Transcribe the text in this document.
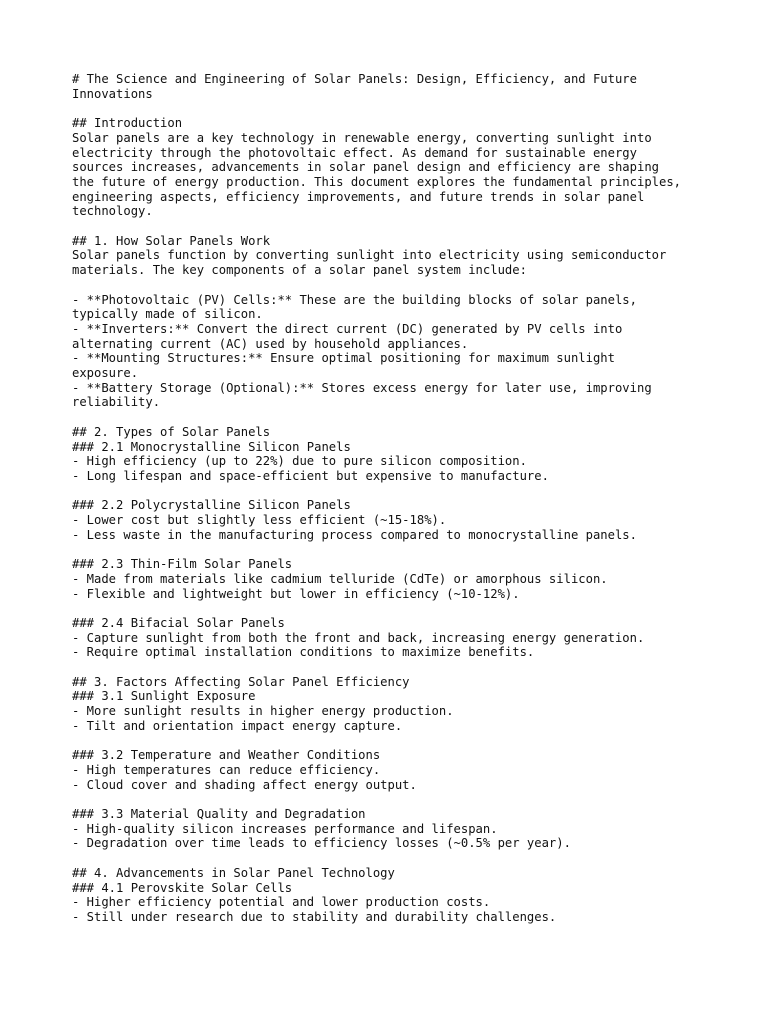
# The Science and Engineering of Solar Panels: Design, Efficiency, and Future
Innovations
## Introduction
Solar panels are a key technology in renewable energy, converting sunlight into
electricity through the photovoltaic effect. As demand for sustainable energy
sources increases, advancements in solar panel design and efficiency are shaping
the future of energy production. This document explores the fundamental principles,
engineering aspects, efficiency improvements, and future trends in solar panel
technology.
## 1. How Solar Panels Work
Solar panels function by converting sunlight into electricity using semiconductor
materials. The key components of a solar panel system include:
- **Photovoltaic (PV) Cells:** These are the building blocks of solar panels,
typically made of silicon.
- **Inverters:** Convert the direct current (DC) generated by PV cells into
alternating current (AC) used by household appliances.
- **Mounting Structures:** Ensure optimal positioning for maximum sunlight
exposure.
- **Battery Storage (Optional):** Stores excess energy for later use, improving
reliability.
## 2. Types of Solar Panels
### 2.1 Monocrystalline Silicon Panels
- High efficiency (up to 22%) due to pure silicon composition.
- Long lifespan and space-efficient but expensive to manufacture.
### 2.2 Polycrystalline Silicon Panels
- Lower cost but slightly less efficient (~15-18%).
- Less waste in the manufacturing process compared to monocrystalline panels.
### 2.3 Thin-Film Solar Panels
- Made from materials like cadmium telluride (CdTe) or amorphous silicon.
- Flexible and lightweight but lower in efficiency (~10-12%).
### 2.4 Bifacial Solar Panels
- Capture sunlight from both the front and back, increasing energy generation.
- Require optimal installation conditions to maximize benefits.
## 3. Factors Affecting Solar Panel Efficiency
### 3.1 Sunlight Exposure
- More sunlight results in higher energy production.
- Tilt and orientation impact energy capture.
### 3.2 Temperature and Weather Conditions
- High temperatures can reduce efficiency.
- Cloud cover and shading affect energy output.
### 3.3 Material Quality and Degradation
- High-quality silicon increases performance and lifespan.
- Degradation over time leads to efficiency losses (~0.5% per year).
## 4. Advancements in Solar Panel Technology
### 4.1 Perovskite Solar Cells
- Higher efficiency potential and lower production costs.
- Still under research due to stability and durability challenges.
